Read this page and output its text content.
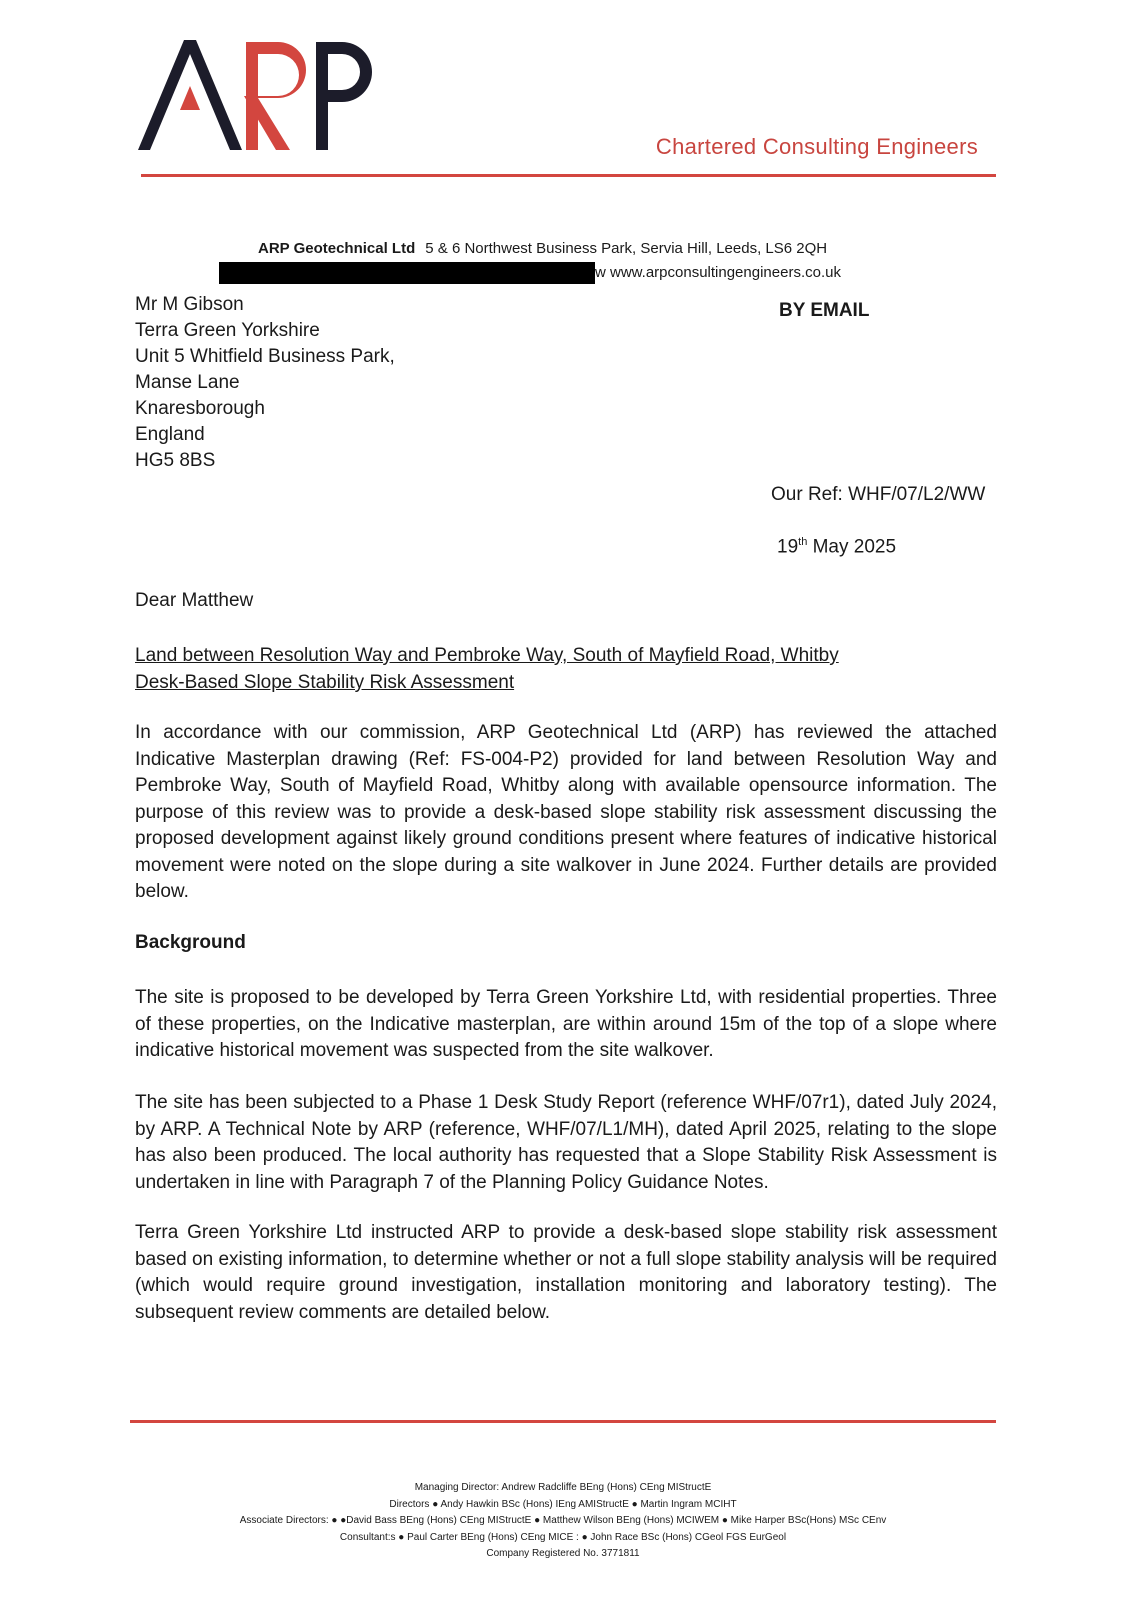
Chartered Consulting Engineers
ARP Geotechnical Ltd 5 & 6 Northwest Business Park, Servia Hill, Leeds, LS6 2QH
w www.arpconsultingengineers.co.uk
Mr M Gibson
Terra Green Yorkshire
Unit 5 Whitfield Business Park,
Manse Lane
Knaresborough
England
HG5 8BS
BY EMAIL
Our Ref: WHF/07/L2/WW
19th May 2025
Dear Matthew
Land between Resolution Way and Pembroke Way, South of Mayfield Road, Whitby
Desk-Based Slope Stability Risk Assessment

In accordance with our commission, ARP Geotechnical Ltd (ARP) has reviewed the attached Indicative Masterplan drawing (Ref: FS-004-P2) provided for land between Resolution Way and Pembroke Way, South of Mayfield Road, Whitby along with available opensource information. The purpose of this review was to provide a desk-based slope stability risk assessment discussing the proposed development against likely ground conditions present where features of indicative historical movement were noted on the slope during a site walkover in June 2024. Further details are provided below.

Background

The site is proposed to be developed by Terra Green Yorkshire Ltd, with residential properties. Three of these properties, on the Indicative masterplan, are within around 15m of the top of a slope where indicative historical movement was suspected from the site walkover.

The site has been subjected to a Phase 1 Desk Study Report (reference WHF/07r1), dated July 2024, by ARP. A Technical Note by ARP (reference, WHF/07/L1/MH), dated April 2025, relating to the slope has also been produced. The local authority has requested that a Slope Stability Risk Assessment is undertaken in line with Paragraph 7 of the Planning Policy Guidance Notes.

Terra Green Yorkshire Ltd instructed ARP to provide a desk-based slope stability risk assessment based on existing information, to determine whether or not a full slope stability analysis will be required (which would require ground investigation, installation monitoring and laboratory testing). The subsequent review comments are detailed below.

Managing Director: Andrew Radcliffe BEng (Hons) CEng MIStructE
Directors ● Andy Hawkin BSc (Hons) IEng AMIStructE ● Martin Ingram MCIHT
Associate Directors: ● ●David Bass BEng (Hons) CEng MIStructE ● Matthew Wilson BEng (Hons) MCIWEM ● Mike Harper BSc(Hons) MSc CEnv
Consultant:s ● Paul Carter BEng (Hons) CEng MICE : ● John Race BSc (Hons) CGeol FGS EurGeol
Company Registered No. 3771811
